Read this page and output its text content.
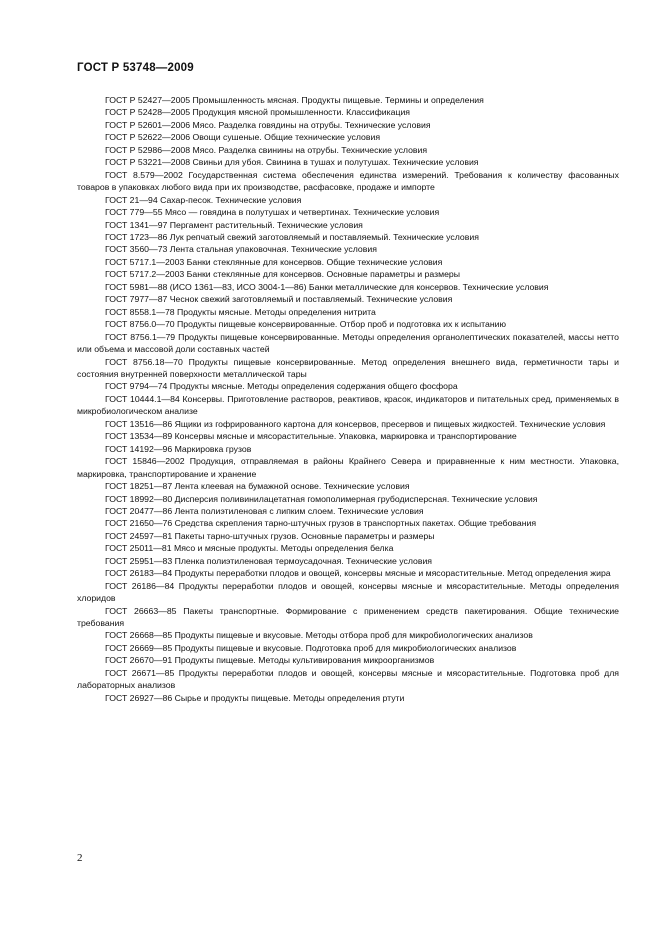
ГОСТ Р 53748—2009
ГОСТ Р 52427—2005 Промышленность мясная. Продукты пищевые. Термины и определения
ГОСТ Р 52428—2005 Продукция мясной промышленности. Классификация
ГОСТ Р 52601—2006 Мясо. Разделка говядины на отрубы. Технические условия
ГОСТ Р 52622—2006 Овощи сушеные. Общие технические условия
ГОСТ Р 52986—2008 Мясо. Разделка свинины на отрубы. Технические условия
ГОСТ Р 53221—2008 Свиньи для убоя. Свинина в тушах и полутушах. Технические условия
ГОСТ 8.579—2002 Государственная система обеспечения единства измерений. Требования к количеству фасованных товаров в упаковках любого вида при их производстве, расфасовке, продаже и импорте
ГОСТ 21—94 Сахар-песок. Технические условия
ГОСТ 779—55 Мясо — говядина в полутушах и четвертинах. Технические условия
ГОСТ 1341—97 Пергамент растительный. Технические условия
ГОСТ 1723—86 Лук репчатый свежий заготовляемый и поставляемый. Технические условия
ГОСТ 3560—73 Лента стальная упаковочная. Технические условия
ГОСТ 5717.1—2003 Банки стеклянные для консервов. Общие технические условия
ГОСТ 5717.2—2003 Банки стеклянные для консервов. Основные параметры и размеры
ГОСТ 5981—88 (ИСО 1361—83, ИСО 3004-1—86) Банки металлические для консервов. Технические условия
ГОСТ 7977—87 Чеснок свежий заготовляемый и поставляемый. Технические условия
ГОСТ 8558.1—78 Продукты мясные. Методы определения нитрита
ГОСТ 8756.0—70 Продукты пищевые консервированные. Отбор проб и подготовка их к испытанию
ГОСТ 8756.1—79 Продукты пищевые консервированные. Методы определения органолептических показателей, массы нетто или объема и массовой доли составных частей
ГОСТ 8756.18—70 Продукты пищевые консервированные. Метод определения внешнего вида, герметичности тары и состояния внутренней поверхности металлической тары
ГОСТ 9794—74 Продукты мясные. Методы определения содержания общего фосфора
ГОСТ 10444.1—84 Консервы. Приготовление растворов, реактивов, красок, индикаторов и питательных сред, применяемых в микробиологическом анализе
ГОСТ 13516—86 Ящики из гофрированного картона для консервов, пресервов и пищевых жидкостей. Технические условия
ГОСТ 13534—89 Консервы мясные и мясорастительные. Упаковка, маркировка и транспортирование
ГОСТ 14192—96 Маркировка грузов
ГОСТ 15846—2002 Продукция, отправляемая в районы Крайнего Севера и приравненные к ним местности. Упаковка, маркировка, транспортирование и хранение
ГОСТ 18251—87 Лента клеевая на бумажной основе. Технические условия
ГОСТ 18992—80 Дисперсия поливинилацетатная гомополимерная грубодисперсная. Технические условия
ГОСТ 20477—86 Лента полиэтиленовая с липким слоем. Технические условия
ГОСТ 21650—76 Средства скрепления тарно-штучных грузов в транспортных пакетах. Общие требования
ГОСТ 24597—81 Пакеты тарно-штучных грузов. Основные параметры и размеры
ГОСТ 25011—81 Мясо и мясные продукты. Методы определения белка
ГОСТ 25951—83 Пленка полиэтиленовая термоусадочная. Технические условия
ГОСТ 26183—84 Продукты переработки плодов и овощей, консервы мясные и мясорастительные. Метод определения жира
ГОСТ 26186—84 Продукты переработки плодов и овощей, консервы мясные и мясорастительные. Методы определения хлоридов
ГОСТ 26663—85 Пакеты транспортные. Формирование с применением средств пакетирования. Общие технические требования
ГОСТ 26668—85 Продукты пищевые и вкусовые. Методы отбора проб для микробиологических анализов
ГОСТ 26669—85 Продукты пищевые и вкусовые. Подготовка проб для микробиологических анализов
ГОСТ 26670—91 Продукты пищевые. Методы культивирования микроорганизмов
ГОСТ 26671—85 Продукты переработки плодов и овощей, консервы мясные и мясорастительные. Подготовка проб для лабораторных анализов
ГОСТ 26927—86 Сырье и продукты пищевые. Методы определения ртути
2
